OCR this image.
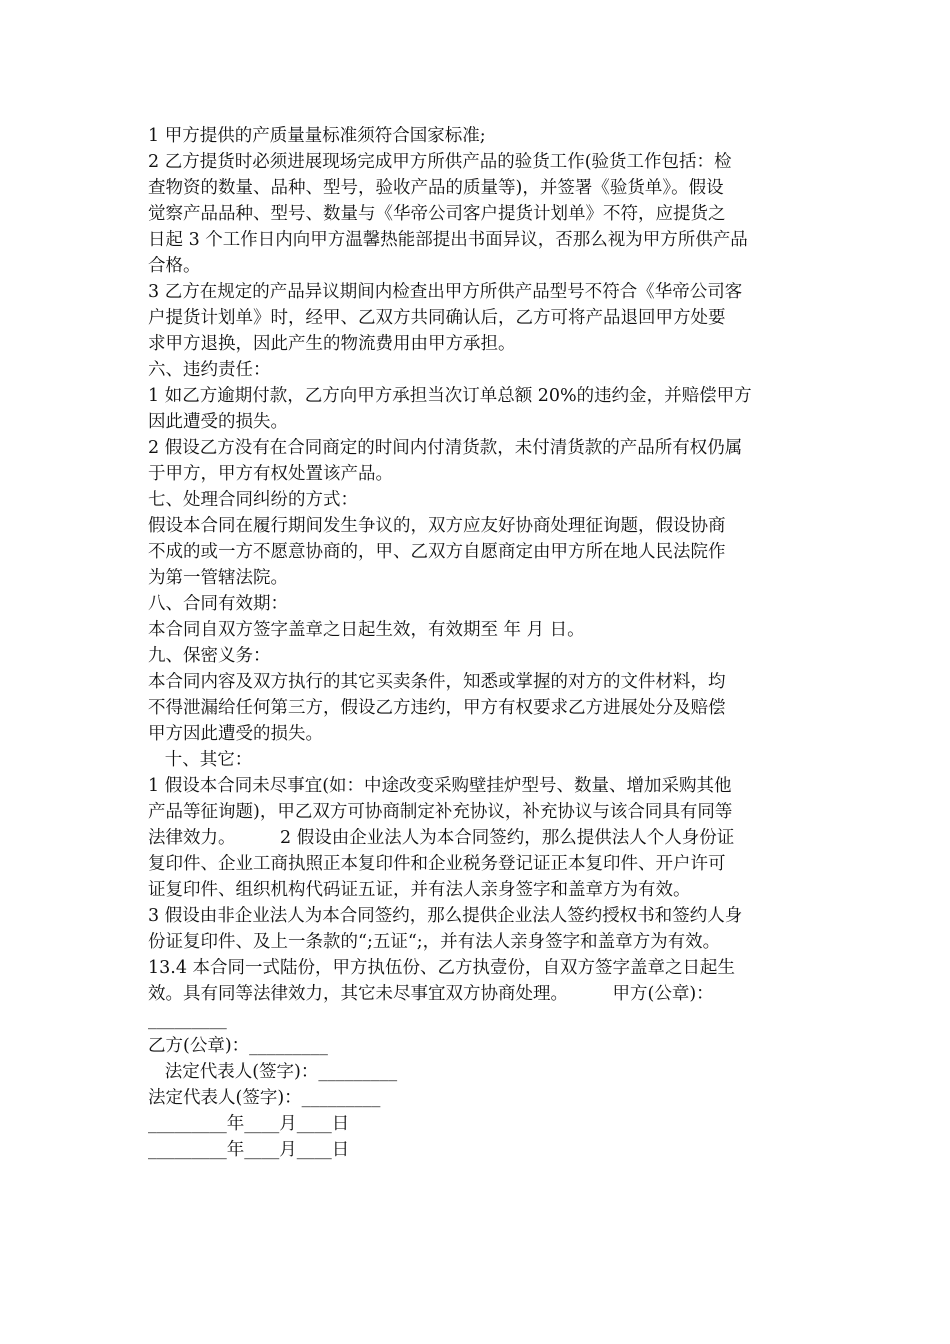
1 甲方提供的产质量量标准须符合国家标准;
2 乙方提货时必须进展现场完成甲方所供产品的验货工作(验货工作包括：检
查物资的数量、品种、型号，验收产品的质量等)，并签署《验货单》。假设
觉察产品品种、型号、数量与《华帝公司客户提货计划单》不符，应提货之
日起 3 个工作日内向甲方温馨热能部提出书面异议，否那么视为甲方所供产品
合格。
3 乙方在规定的产品异议期间内检查出甲方所供产品型号不符合《华帝公司客
户提货计划单》时，经甲、乙双方共同确认后，乙方可将产品退回甲方处要
求甲方退换，因此产生的物流费用由甲方承担。
六、违约责任：
1 如乙方逾期付款，乙方向甲方承担当次订单总额 20%的违约金，并赔偿甲方
因此遭受的损失。
2 假设乙方没有在合同商定的时间内付清货款，未付清货款的产品所有权仍属
于甲方，甲方有权处置该产品。
七、处理合同纠纷的方式：
假设本合同在履行期间发生争议的，双方应友好协商处理征询题，假设协商
不成的或一方不愿意协商的，甲、乙双方自愿商定由甲方所在地人民法院作
为第一管辖法院。
八、合同有效期：
本合同自双方签字盖章之日起生效，有效期至 年 月 日。
九、保密义务：
本合同内容及双方执行的其它买卖条件，知悉或掌握的对方的文件材料，均
不得泄漏给任何第三方，假设乙方违约，甲方有权要求乙方进展处分及赔偿
甲方因此遭受的损失。
十、其它：
1 假设本合同未尽事宜(如：中途改变采购壁挂炉型号、数量、增加采购其他
产品等征询题)，甲乙双方可协商制定补充协议，补充协议与该合同具有同等
法律效力。        2 假设由企业法人为本合同签约，那么提供法人个人身份证
复印件、企业工商执照正本复印件和企业税务登记证正本复印件、开户许可
证复印件、组织机构代码证五证，并有法人亲身签字和盖章方为有效。
3 假设由非企业法人为本合同签约，那么提供企业法人签约授权书和签约人身
份证复印件、及上一条款的“;五证“;，并有法人亲身签字和盖章方为有效。
13.4 本合同一式陆份，甲方执伍份、乙方执壹份，自双方签字盖章之日起生
效。具有同等法律效力，其它未尽事宜双方协商处理。        甲方(公章)：
_________
乙方(公章)：_________
法定代表人(签字)：_________
法定代表人(签字)：_________
_________年____月____日
_________年____月____日
